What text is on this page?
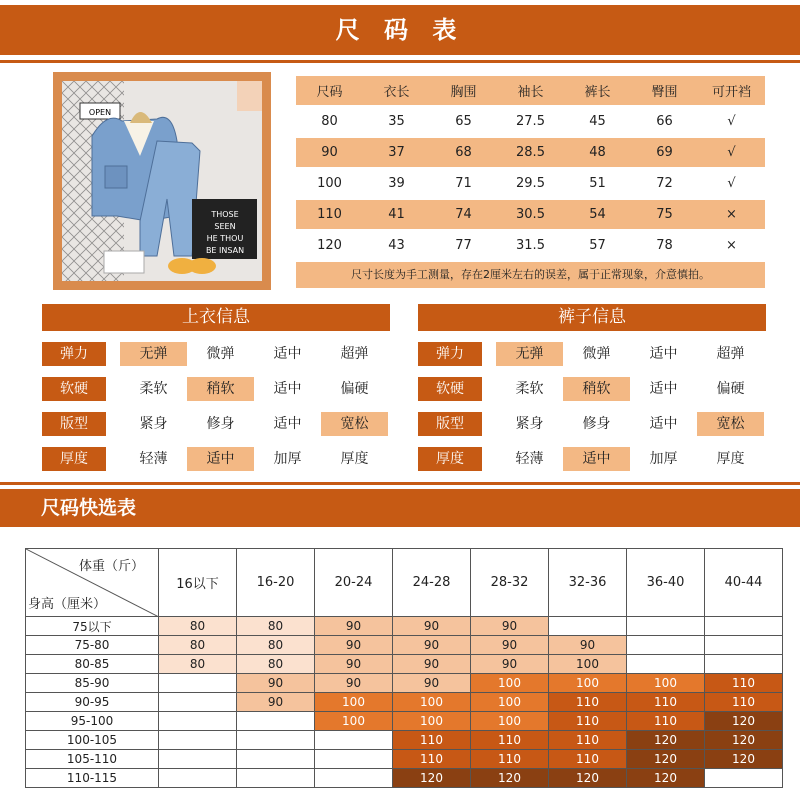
尺 码 表
OPEN
THOSE
SEEN
HE THOU
BE INSAN
尺码	衣长	胸围	袖长	裤长	臀围	可开裆
80	35	65	27.5	45	66	√
90	37	68	28.5	48	69	√
100	39	71	29.5	51	72	√
110	41	74	30.5	54	75	×
120	43	77	31.5	57	78	×
尺寸长度为手工测量，存在2厘米左右的误差，属于正常现象，介意慎拍。
上衣信息
弹力	无弹	微弹	适中	超弹
软硬	柔软	稍软	适中	偏硬
版型	紧身	修身	适中	宽松
厚度	轻薄	适中	加厚	厚度
裤子信息
弹力	无弹	微弹	适中	超弹
软硬	柔软	稍软	适中	偏硬
版型	紧身	修身	适中	宽松
厚度	轻薄	适中	加厚	厚度
尺码快选表
体重（斤）
身高（厘米）	16以下	16-20	20-24	24-28	28-32	32-36	36-40	40-44
75以下	80	80	90	90	90			
75-80	80	80	90	90	90	90		
80-85	80	80	90	90	90	100		
85-90		90	90	90	100	100	100	110
90-95		90	100	100	100	110	110	110
95-100			100	100	100	110	110	120
100-105				110	110	110	120	120
105-110				110	110	110	120	120
110-115				120	120	120	120	
